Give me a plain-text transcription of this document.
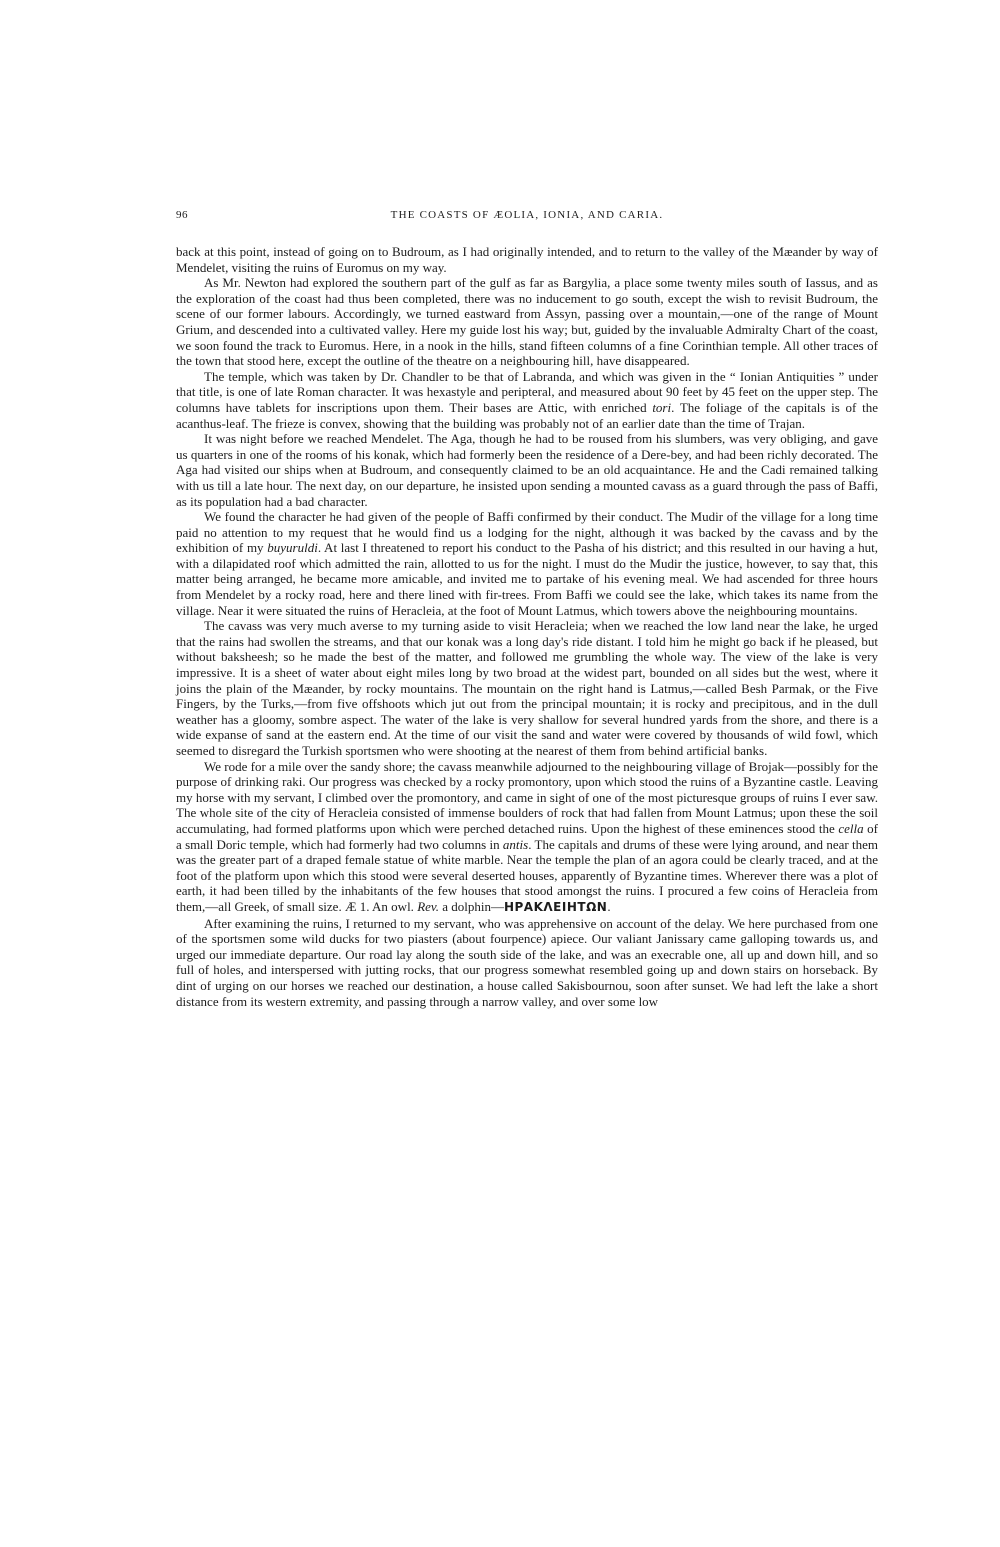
96	THE COASTS OF ÆOLIA, IONIA, AND CARIA.

back at this point, instead of going on to Budroum, as I had originally intended, and to return to the valley of the Mæander by way of Mendelet, visiting the ruins of Euromus on my way.

As Mr. Newton had explored the southern part of the gulf as far as Bargylia, a place some twenty miles south of Iassus, and as the exploration of the coast had thus been completed, there was no inducement to go south, except the wish to revisit Budroum, the scene of our former labours. Accordingly, we turned eastward from Assyn, passing over a mountain,—one of the range of Mount Grium, and descended into a cultivated valley. Here my guide lost his way; but, guided by the invaluable Admiralty Chart of the coast, we soon found the track to Euromus. Here, in a nook in the hills, stand fifteen columns of a fine Corinthian temple. All other traces of the town that stood here, except the outline of the theatre on a neighbouring hill, have disappeared.

The temple, which was taken by Dr. Chandler to be that of Labranda, and which was given in the “ Ionian Antiquities ” under that title, is one of late Roman character. It was hexastyle and peripteral, and measured about 90 feet by 45 feet on the upper step. The columns have tablets for inscriptions upon them. Their bases are Attic, with enriched tori. The foliage of the capitals is of the acanthus-leaf. The frieze is convex, showing that the building was probably not of an earlier date than the time of Trajan.

It was night before we reached Mendelet. The Aga, though he had to be roused from his slumbers, was very obliging, and gave us quarters in one of the rooms of his konak, which had formerly been the residence of a Dere-bey, and had been richly decorated. The Aga had visited our ships when at Budroum, and consequently claimed to be an old acquaintance. He and the Cadi remained talking with us till a late hour. The next day, on our departure, he insisted upon sending a mounted cavass as a guard through the pass of Baffi, as its population had a bad character.

We found the character he had given of the people of Baffi confirmed by their conduct. The Mudir of the village for a long time paid no attention to my request that he would find us a lodging for the night, although it was backed by the cavass and by the exhibition of my buyuruldi. At last I threatened to report his conduct to the Pasha of his district; and this resulted in our having a hut, with a dilapidated roof which admitted the rain, allotted to us for the night. I must do the Mudir the justice, however, to say that, this matter being arranged, he became more amicable, and invited me to partake of his evening meal. We had ascended for three hours from Mendelet by a rocky road, here and there lined with fir-trees. From Baffi we could see the lake, which takes its name from the village. Near it were situated the ruins of Heracleia, at the foot of Mount Latmus, which towers above the neighbouring mountains.

The cavass was very much averse to my turning aside to visit Heracleia; when we reached the low land near the lake, he urged that the rains had swollen the streams, and that our konak was a long day's ride distant. I told him he might go back if he pleased, but without baksheesh; so he made the best of the matter, and followed me grumbling the whole way. The view of the lake is very impressive. It is a sheet of water about eight miles long by two broad at the widest part, bounded on all sides but the west, where it joins the plain of the Mæander, by rocky mountains. The mountain on the right hand is Latmus,—called Besh Parmak, or the Five Fingers, by the Turks,—from five offshoots which jut out from the principal mountain; it is rocky and precipitous, and in the dull weather has a gloomy, sombre aspect. The water of the lake is very shallow for several hundred yards from the shore, and there is a wide expanse of sand at the eastern end. At the time of our visit the sand and water were covered by thousands of wild fowl, which seemed to disregard the Turkish sportsmen who were shooting at the nearest of them from behind artificial banks.

We rode for a mile over the sandy shore; the cavass meanwhile adjourned to the neighbouring village of Brojak—possibly for the purpose of drinking raki. Our progress was checked by a rocky promontory, upon which stood the ruins of a Byzantine castle. Leaving my horse with my servant, I climbed over the promontory, and came in sight of one of the most picturesque groups of ruins I ever saw. The whole site of the city of Heracleia consisted of immense boulders of rock that had fallen from Mount Latmus; upon these the soil accumulating, had formed platforms upon which were perched detached ruins. Upon the highest of these eminences stood the cella of a small Doric temple, which had formerly had two columns in antis. The capitals and drums of these were lying around, and near them was the greater part of a draped female statue of white marble. Near the temple the plan of an agora could be clearly traced, and at the foot of the platform upon which this stood were several deserted houses, apparently of Byzantine times. Wherever there was a plot of earth, it had been tilled by the inhabitants of the few houses that stood amongst the ruins. I procured a few coins of Heracleia from them,—all Greek, of small size. Æ 1. An owl. Rev. a dolphin—ΗΡΑΚΛΕΙΗΤΩΝ.

After examining the ruins, I returned to my servant, who was apprehensive on account of the delay. We here purchased from one of the sportsmen some wild ducks for two piasters (about fourpence) apiece. Our valiant Janissary came galloping towards us, and urged our immediate departure. Our road lay along the south side of the lake, and was an execrable one, all up and down hill, and so full of holes, and interspersed with jutting rocks, that our progress somewhat resembled going up and down stairs on horseback. By dint of urging on our horses we reached our destination, a house called Sakisbournou, soon after sunset. We had left the lake a short distance from its western extremity, and passing through a narrow valley, and over some low
